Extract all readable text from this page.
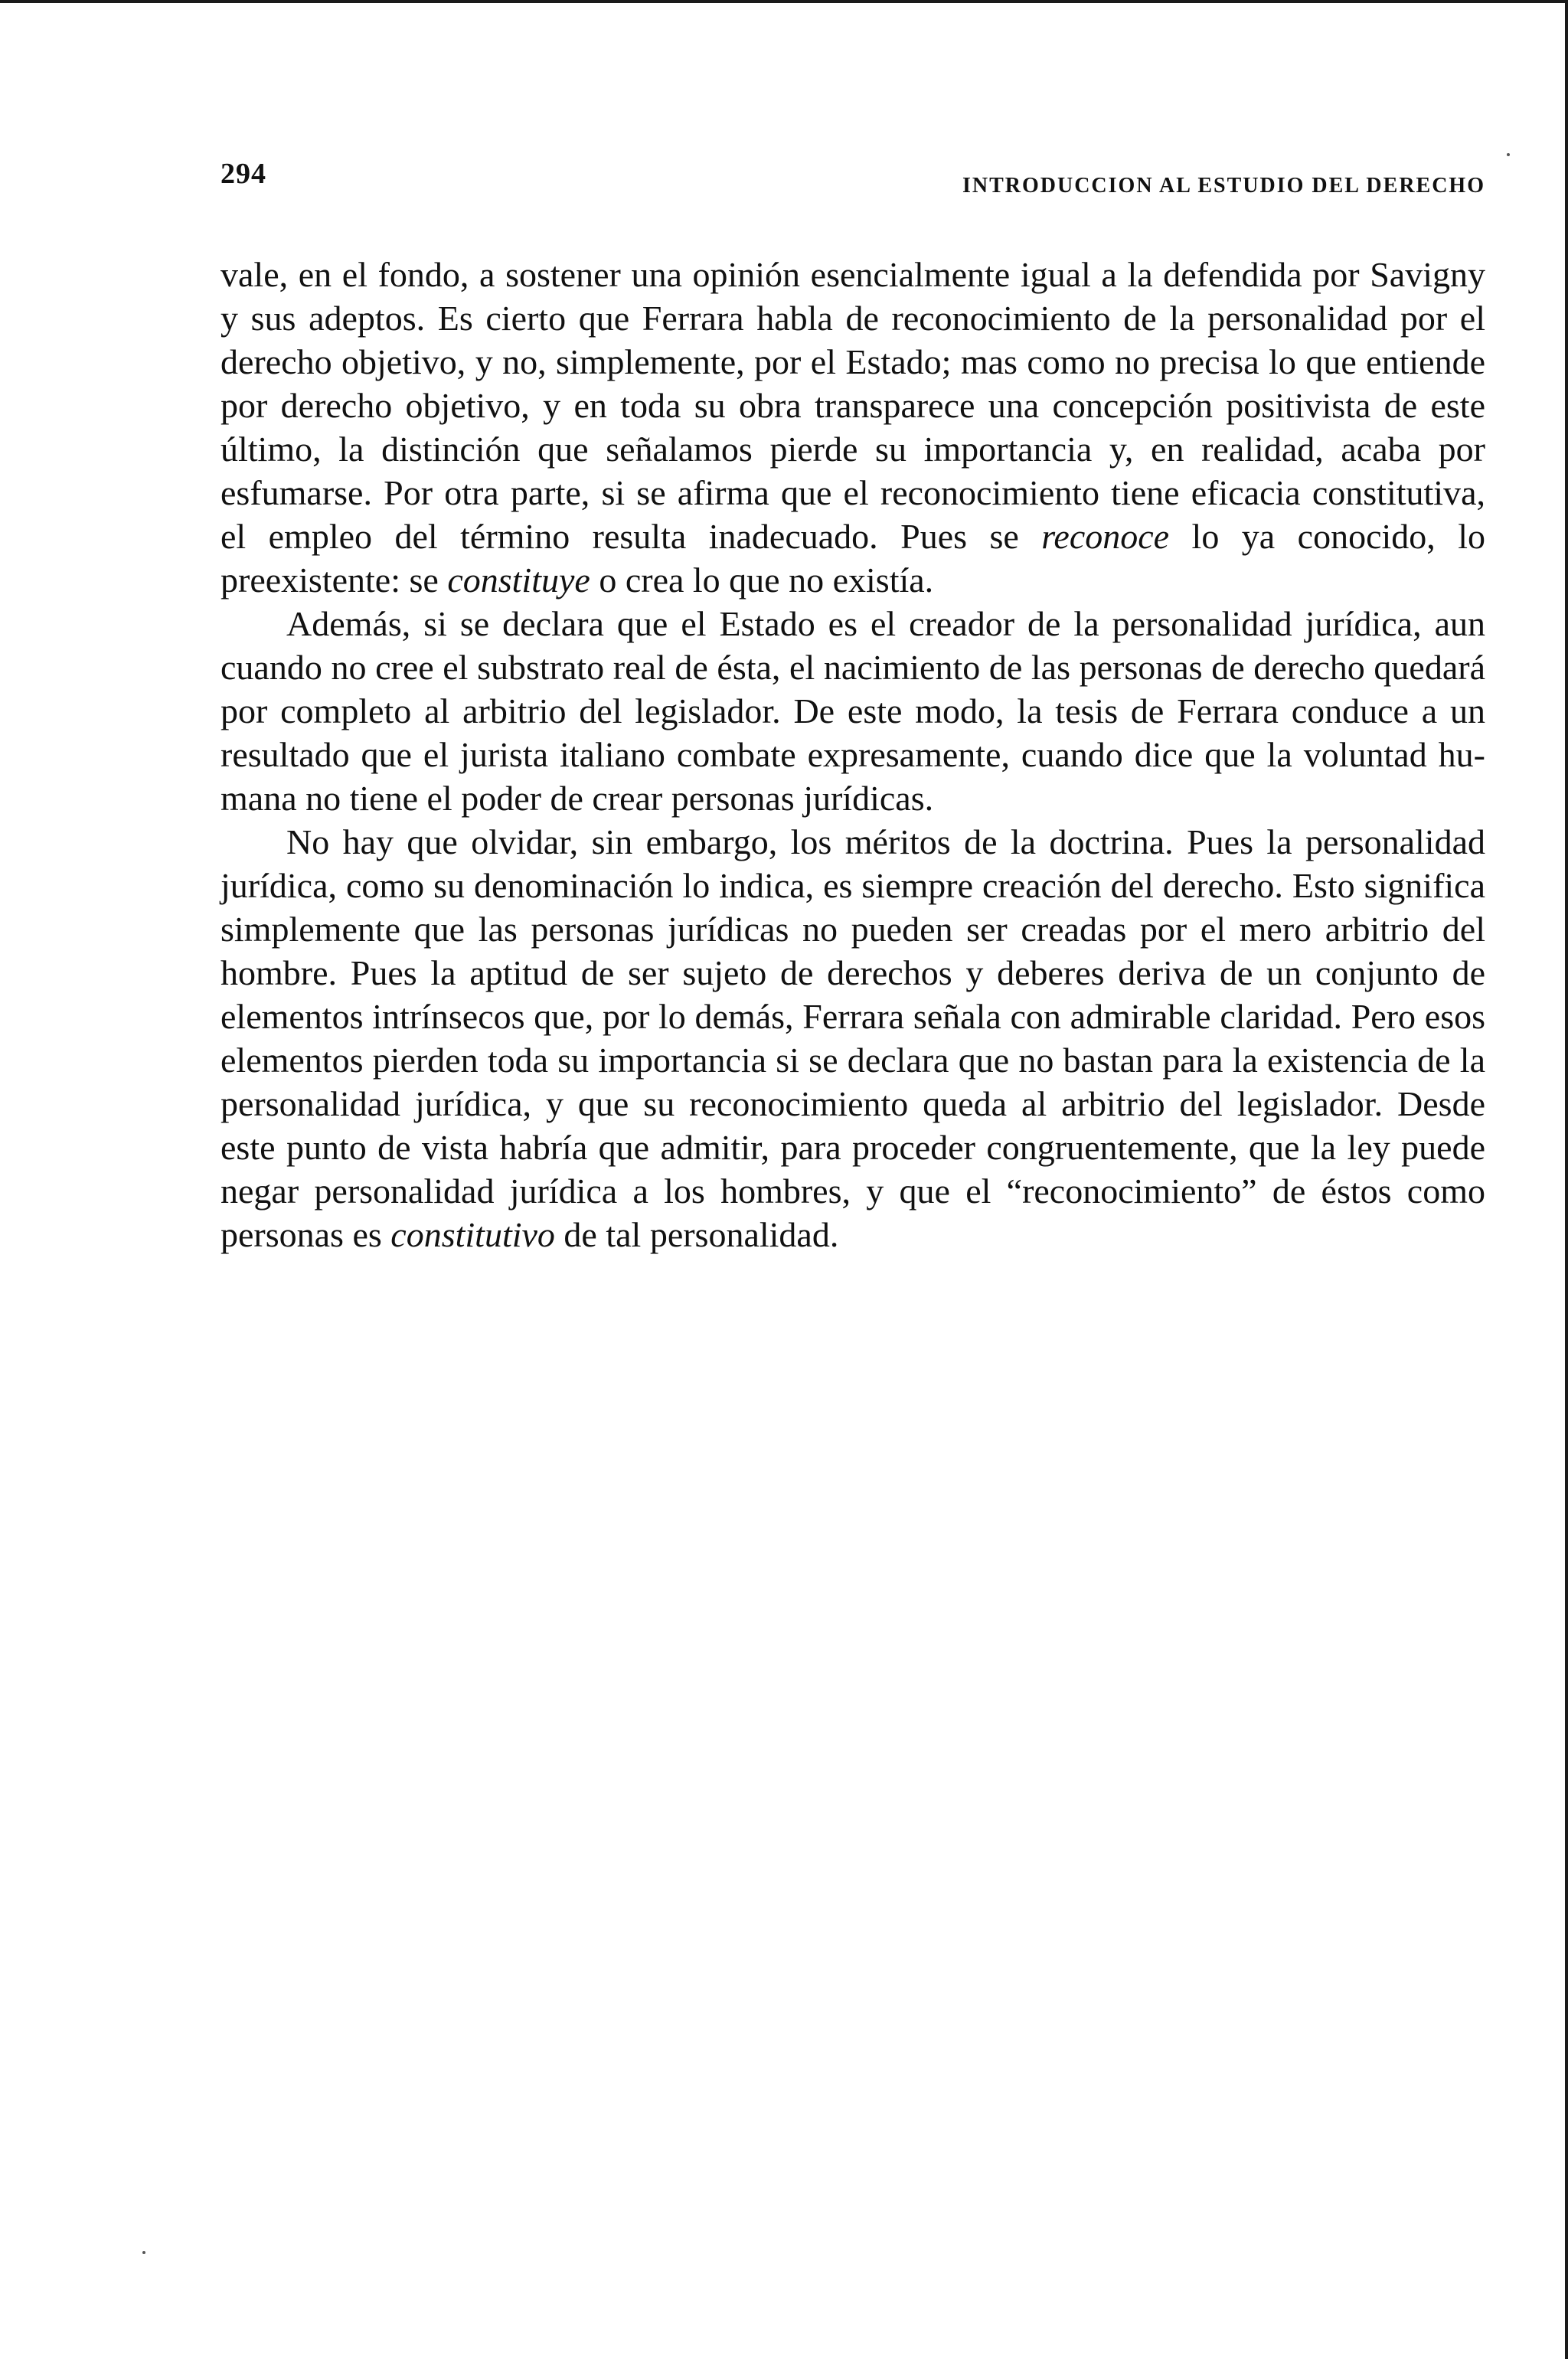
294	INTRODUCCION AL ESTUDIO DEL DERECHO

vale, en el fondo, a sostener una opinión esencialmente igual a la defendida por Savigny y sus adeptos. Es cierto que Ferrara habla de reconocimiento de la personalidad por el derecho objetivo, y no, simplemente, por el Estado; mas como no precisa lo que entiende por derecho objetivo, y en toda su obra transparece una concepción positivista de este último, la distinción que señalamos pierde su importancia y, en realidad, acaba por esfumarse. Por otra parte, si se afirma que el reconocimiento tiene eficacia constitutiva, el empleo del término resulta inadecuado. Pues se reconoce lo ya conocido, lo preexistente: se constituye o crea lo que no existía.

Además, si se declara que el Estado es el creador de la personalidad jurídica, aun cuando no cree el substrato real de ésta, el nacimiento de las personas de derecho quedará por completo al arbitrio del legislador. De este modo, la tesis de Ferrara conduce a un resultado que el jurista italiano combate expresamente, cuando dice que la voluntad humana no tiene el poder de crear personas jurídicas.

No hay que olvidar, sin embargo, los méritos de la doctrina. Pues la personalidad jurídica, como su denominación lo indica, es siempre creación del derecho. Esto significa simplemente que las personas jurídicas no pueden ser creadas por el mero arbitrio del hombre. Pues la aptitud de ser sujeto de derechos y deberes deriva de un conjunto de elementos intrínsecos que, por lo demás, Ferrara señala con admirable claridad. Pero esos elementos pierden toda su importancia si se declara que no bastan para la existencia de la personalidad jurídica, y que su reconocimiento queda al arbitrio del legislador. Desde este punto de vista habría que admitir, para proceder congruentemente, que la ley puede negar personalidad jurídica a los hombres, y que el “reconocimiento” de éstos como personas es constitutivo de tal personalidad.
